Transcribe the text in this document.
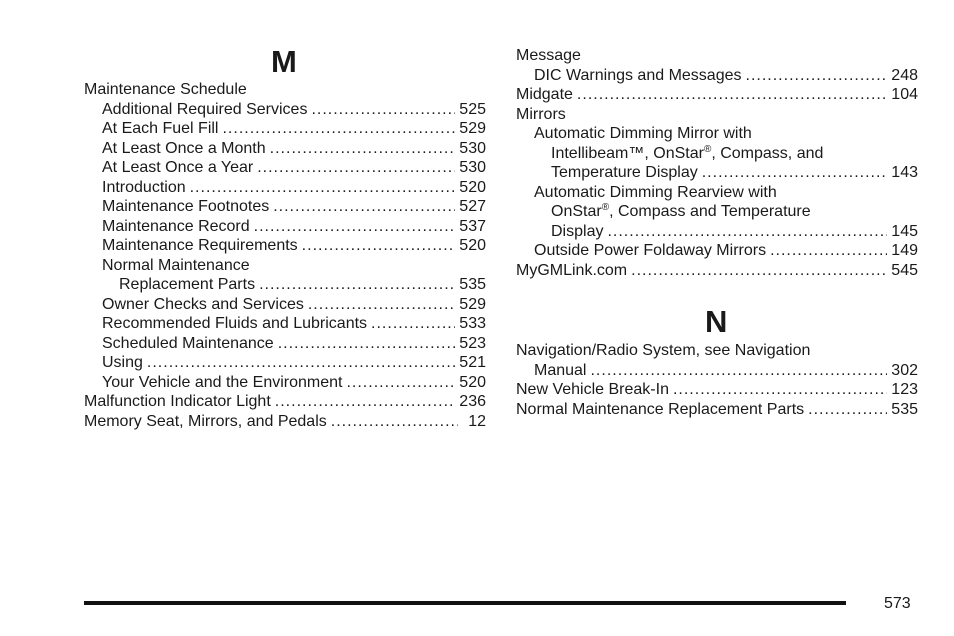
M
Maintenance Schedule
Additional Required Services .....	525
At Each Fuel Fill .....	529
At Least Once a Month .....	530
At Least Once a Year .....	530
Introduction .....	520
Maintenance Footnotes .....	527
Maintenance Record .....	537
Maintenance Requirements .....	520
Normal Maintenance
Replacement Parts .....	535
Owner Checks and Services .....	529
Recommended Fluids and Lubricants .....	533
Scheduled Maintenance .....	523
Using .....	521
Your Vehicle and the Environment .....	520
Malfunction Indicator Light .....	236
Memory Seat, Mirrors, and Pedals .....	12
Message
DIC Warnings and Messages .....	248
Midgate .....	104
Mirrors
Automatic Dimming Mirror with
Intellibeam™, OnStar®, Compass, and
Temperature Display .....	143
Automatic Dimming Rearview with
OnStar®, Compass and Temperature
Display .....	145
Outside Power Foldaway Mirrors .....	149
MyGMLink.com .....	545
N
Navigation/Radio System, see Navigation
Manual .....	302
New Vehicle Break-In .....	123
Normal Maintenance Replacement Parts .....	535
573
